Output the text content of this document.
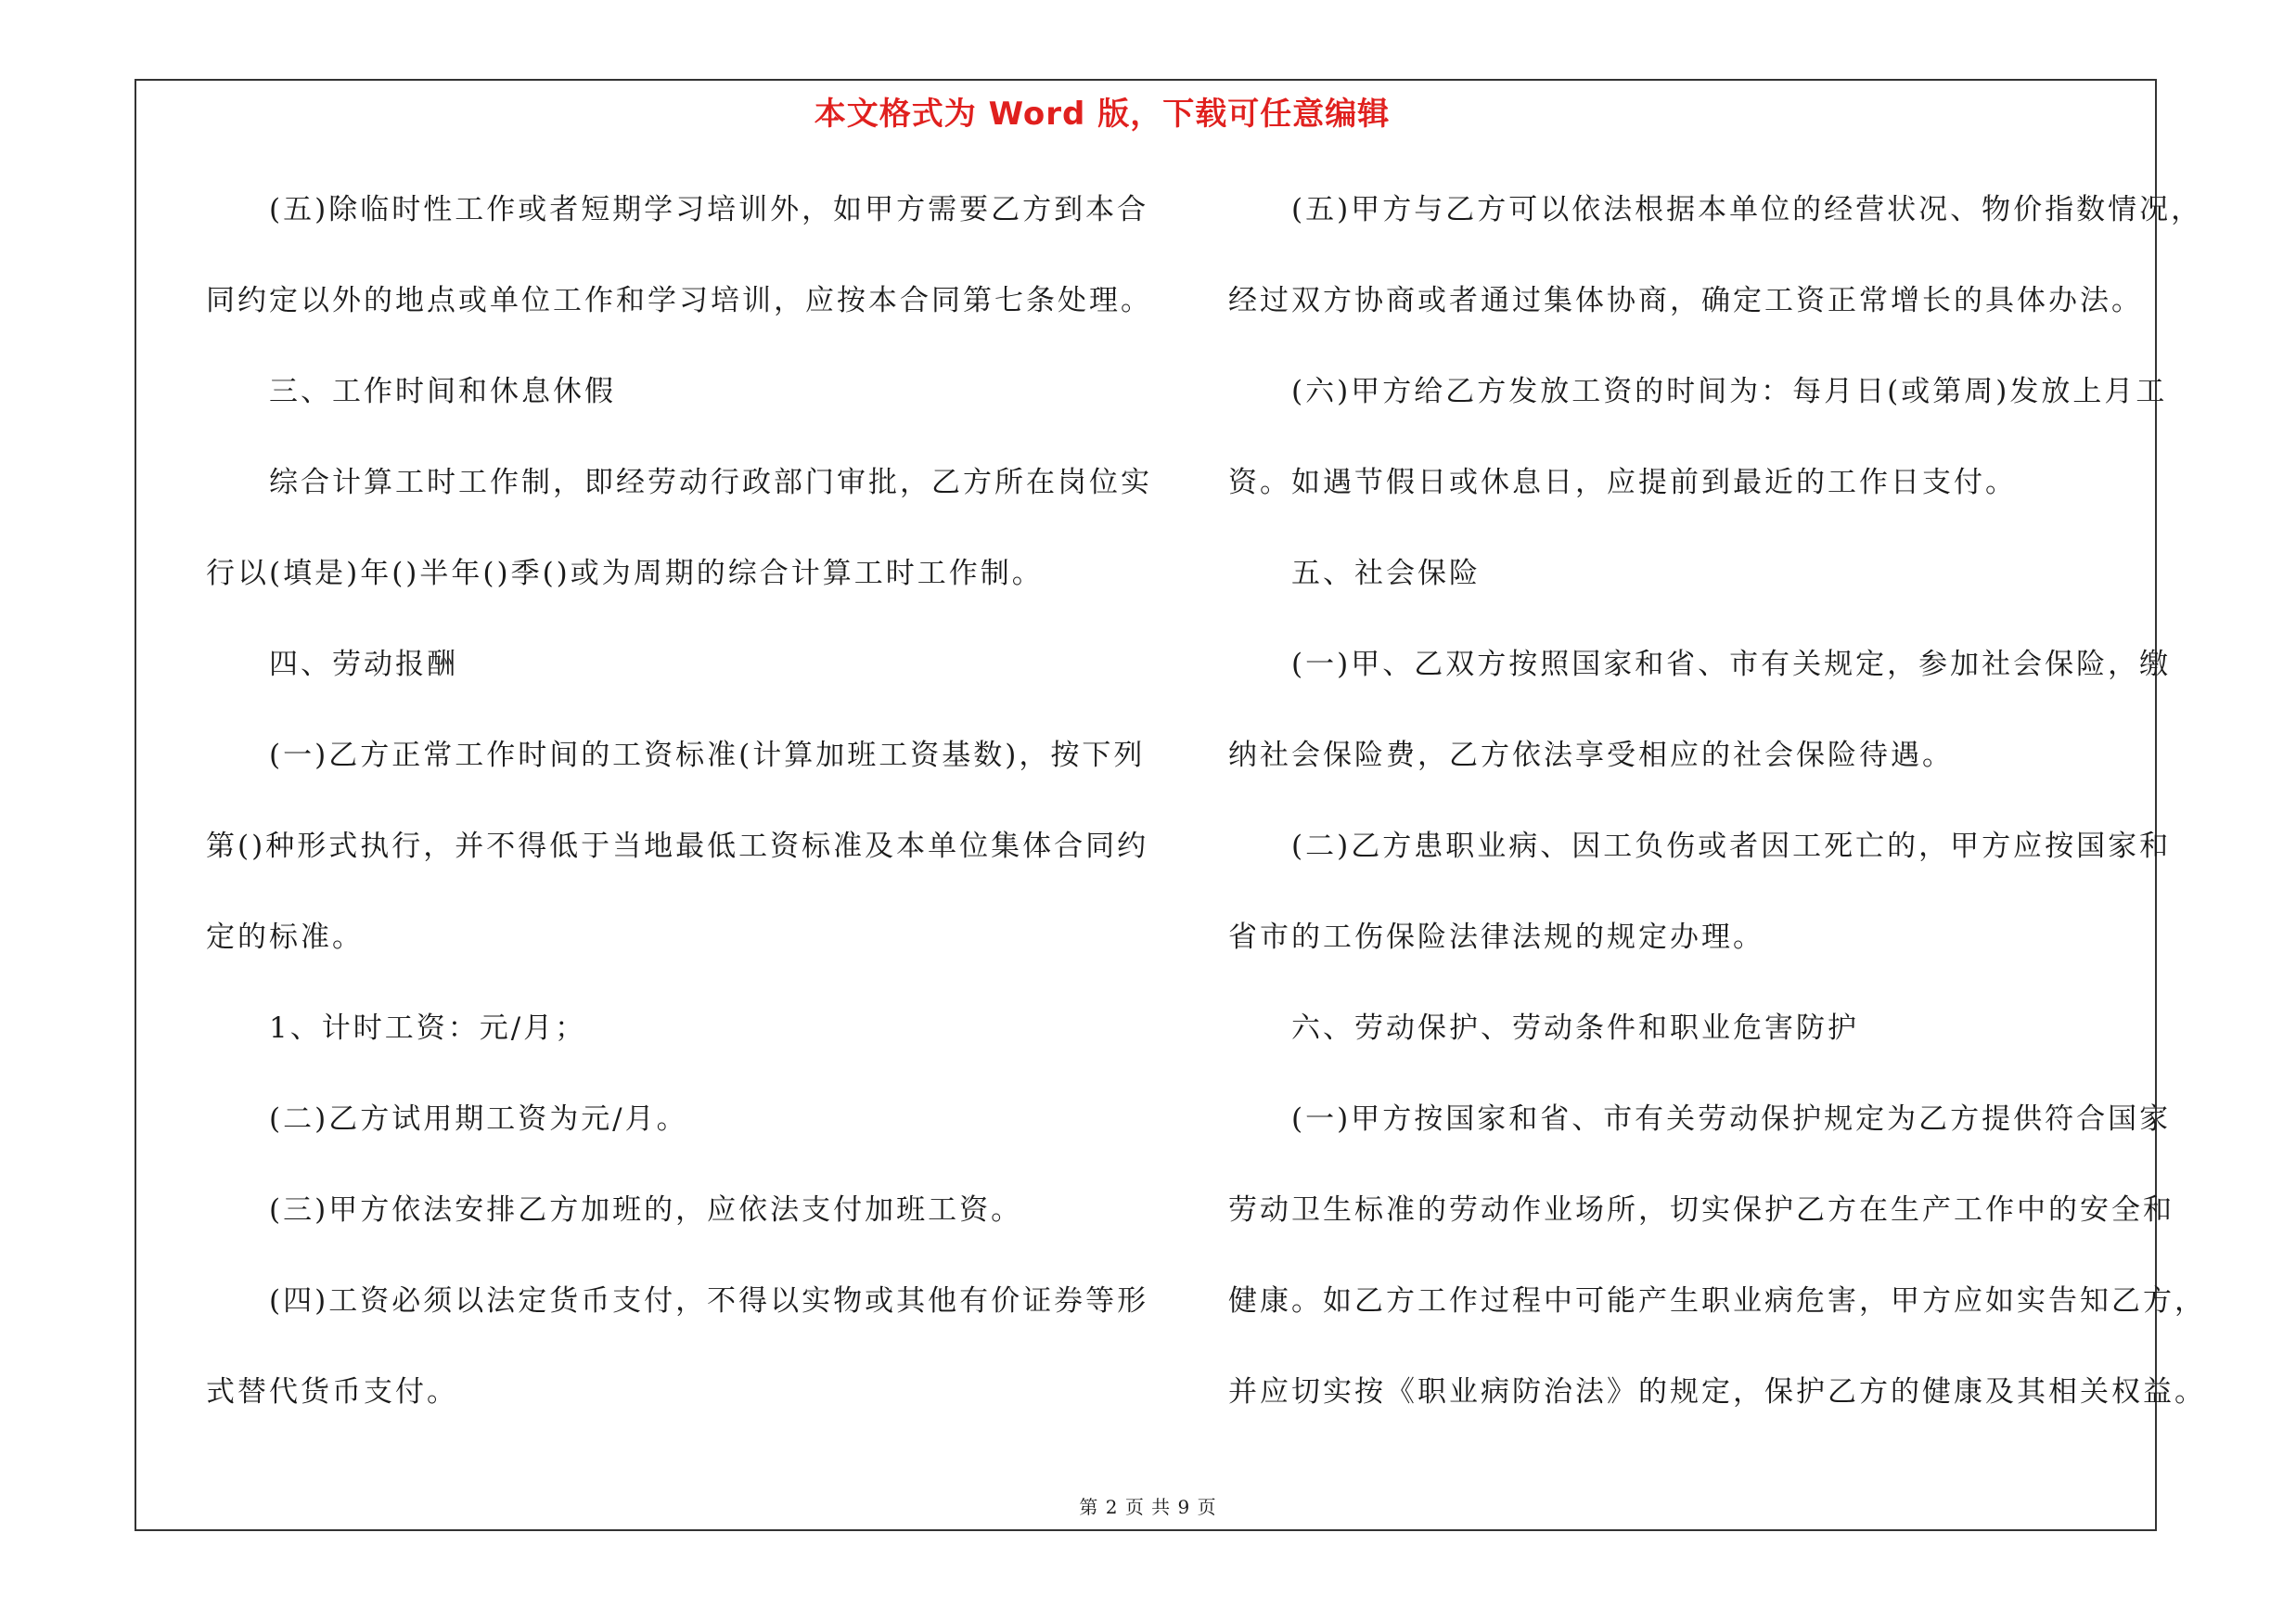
本文格式为 Word 版，下载可任意编辑
(五)除临时性工作或者短期学习培训外，如甲方需要乙方到本合
同约定以外的地点或单位工作和学习培训，应按本合同第七条处理。
三、工作时间和休息休假
综合计算工时工作制，即经劳动行政部门审批，乙方所在岗位实
行以(填是)年()半年()季()或为周期的综合计算工时工作制。
四、劳动报酬
(一)乙方正常工作时间的工资标准(计算加班工资基数)，按下列
第()种形式执行，并不得低于当地最低工资标准及本单位集体合同约
定的标准。
1、计时工资：元/月；
(二)乙方试用期工资为元/月。
(三)甲方依法安排乙方加班的，应依法支付加班工资。
(四)工资必须以法定货币支付，不得以实物或其他有价证券等形
式替代货币支付。
(五)甲方与乙方可以依法根据本单位的经营状况、物价指数情况，
经过双方协商或者通过集体协商，确定工资正常增长的具体办法。
(六)甲方给乙方发放工资的时间为：每月日(或第周)发放上月工
资。如遇节假日或休息日，应提前到最近的工作日支付。
五、社会保险
(一)甲、乙双方按照国家和省、市有关规定，参加社会保险，缴
纳社会保险费，乙方依法享受相应的社会保险待遇。
(二)乙方患职业病、因工负伤或者因工死亡的，甲方应按国家和
省市的工伤保险法律法规的规定办理。
六、劳动保护、劳动条件和职业危害防护
(一)甲方按国家和省、市有关劳动保护规定为乙方提供符合国家
劳动卫生标准的劳动作业场所，切实保护乙方在生产工作中的安全和
健康。如乙方工作过程中可能产生职业病危害，甲方应如实告知乙方，
并应切实按《职业病防治法》的规定，保护乙方的健康及其相关权益。
第 2 页 共 9 页
